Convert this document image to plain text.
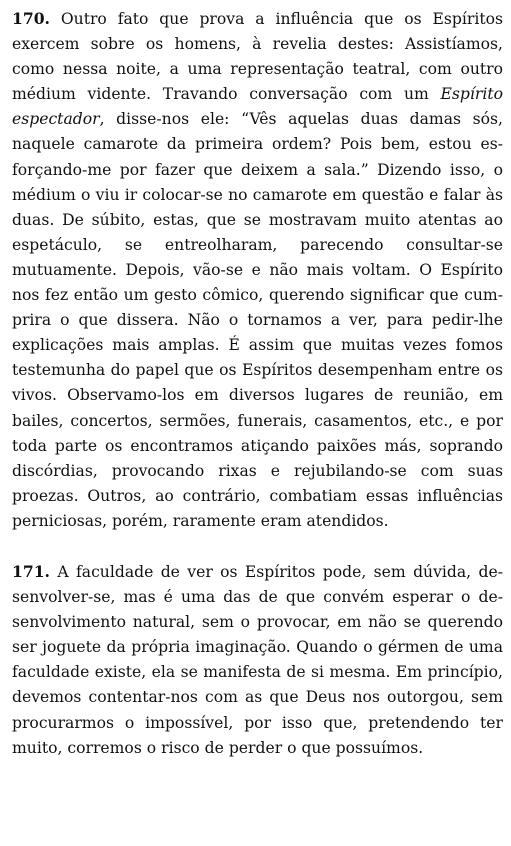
170. Outro fato que prova a influência que os Espíritos exercem sobre os homens, à revelia destes: Assistíamos, como nessa noite, a uma representação teatral, com outro médium vidente. Travando conversação com um Espírito espectador, disse-nos ele: “Vês aquelas duas damas sós, naquele camarote da primeira ordem? Pois bem, estou esforçando-me por fazer que deixem a sala.” Dizendo isso, o médium o viu ir colocar-se no camarote em questão e falar às duas. De súbito, estas, que se mostravam muito atentas ao espetáculo, se entreolharam, parecendo consultar-se mutuamente. Depois, vão-se e não mais voltam. O Espírito nos fez então um gesto cômico, querendo significar que cumprira o que dissera. Não o tornamos a ver, para pedir-lhe explicações mais amplas. É assim que muitas vezes fomos testemunha do papel que os Espíritos desempenham entre os vivos. Observamo-los em diversos lugares de reunião, em bailes, concertos, sermões, funerais, casamentos, etc., e por toda parte os encontramos atiçando paixões más, soprando discórdias, provocando rixas e rejubilando-se com suas proezas. Outros, ao contrário, combatiam essas influências perniciosas, porém, raramente eram atendidos.

171. A faculdade de ver os Espíritos pode, sem dúvida, desenvolver-se, mas é uma das de que convém esperar o desenvolvimento natural, sem o provocar, em não se querendo ser joguete da própria imaginação. Quando o gérmen de uma faculdade existe, ela se manifesta de si mesma. Em princípio, devemos contentar-nos com as que Deus nos outorgou, sem procurarmos o impossível, por isso que, pretendendo ter muito, corremos o risco de perder o que possuímos.
